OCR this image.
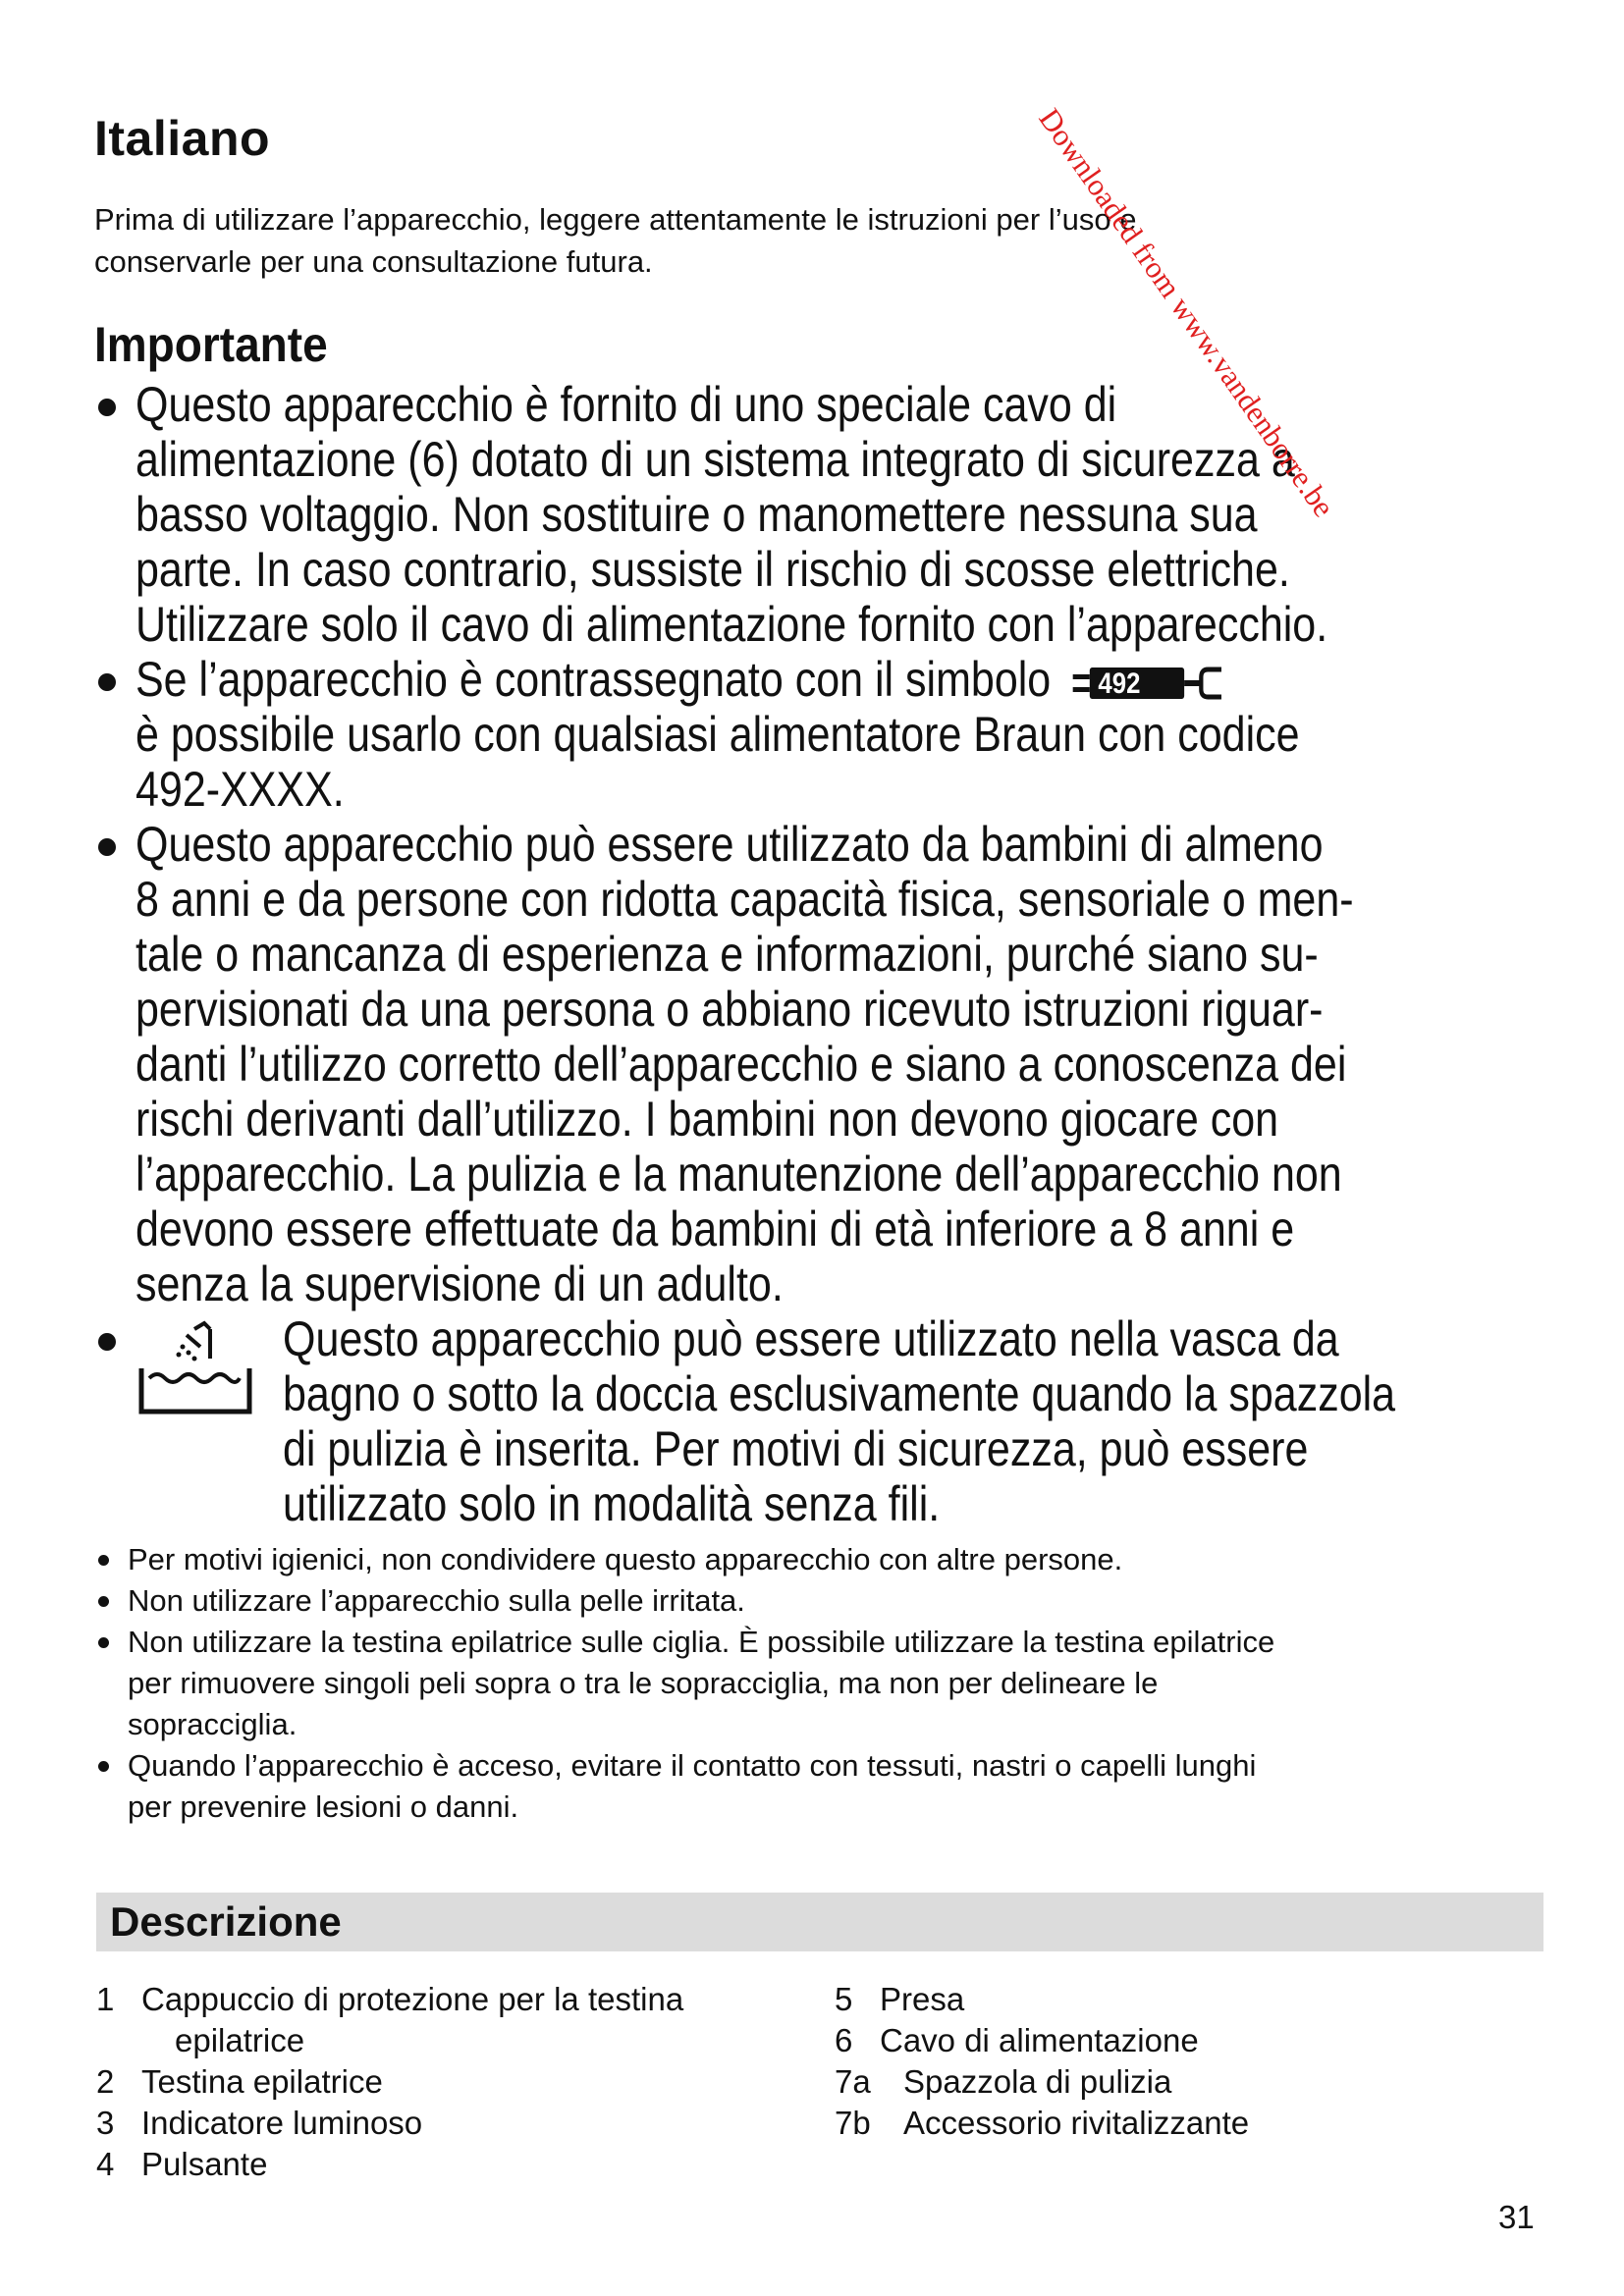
Italiano
Prima di utilizzare l’apparecchio, leggere attentamente le istruzioni per l’uso e
conservarle per una consultazione futura.
Importante
Questo apparecchio è fornito di uno speciale cavo di
alimentazione (6) dotato di un sistema integrato di sicurezza a
basso voltaggio. Non sostituire o manomettere nessuna sua
parte. In caso contrario, sussiste il rischio di scosse elettriche.
Utilizzare solo il cavo di alimentazione fornito con l’apparecchio.
Se l’apparecchio è contrassegnato con il simbolo 492

è possibile usarlo con qualsiasi alimentatore Braun con codice
492-XXXX.
Questo apparecchio può essere utilizzato da bambini di almeno
8 anni e da persone con ridotta capacità fisica, sensoriale o men-
tale o mancanza di esperienza e informazioni, purché siano su-
pervisionati da una persona o abbiano ricevuto istruzioni riguar-
danti l’utilizzo corretto dell’apparecchio e siano a conoscenza dei
rischi derivanti dall’utilizzo. I bambini non devono giocare con
l’apparecchio. La pulizia e la manutenzione dell’apparecchio non
devono essere effettuate da bambini di età inferiore a 8 anni e
senza la supervisione di un adulto.
Questo apparecchio può essere utilizzato nella vasca da
bagno o sotto la doccia esclusivamente quando la spazzola
di pulizia è inserita. Per motivi di sicurezza, può essere
utilizzato solo in modalità senza fili.
Per motivi igienici, non condividere questo apparecchio con altre persone.
Non utilizzare l’apparecchio sulla pelle irritata.
Non utilizzare la testina epilatrice sulle ciglia. È possibile utilizzare la testina epilatrice
per rimuovere singoli peli sopra o tra le sopracciglia, ma non per delineare le
sopracciglia.
Quando l’apparecchio è acceso, evitare il contatto con tessuti, nastri o capelli lunghi
per prevenire lesioni o danni.
Descrizione
1 Cappuccio di protezione per la testina
epilatrice
2 Testina epilatrice
3 Indicatore luminoso
4 Pulsante
5 Presa
6 Cavo di alimentazione
7a Spazzola di pulizia
7b Accessorio rivitalizzante
31
Downloaded from www.vandenborre.be
